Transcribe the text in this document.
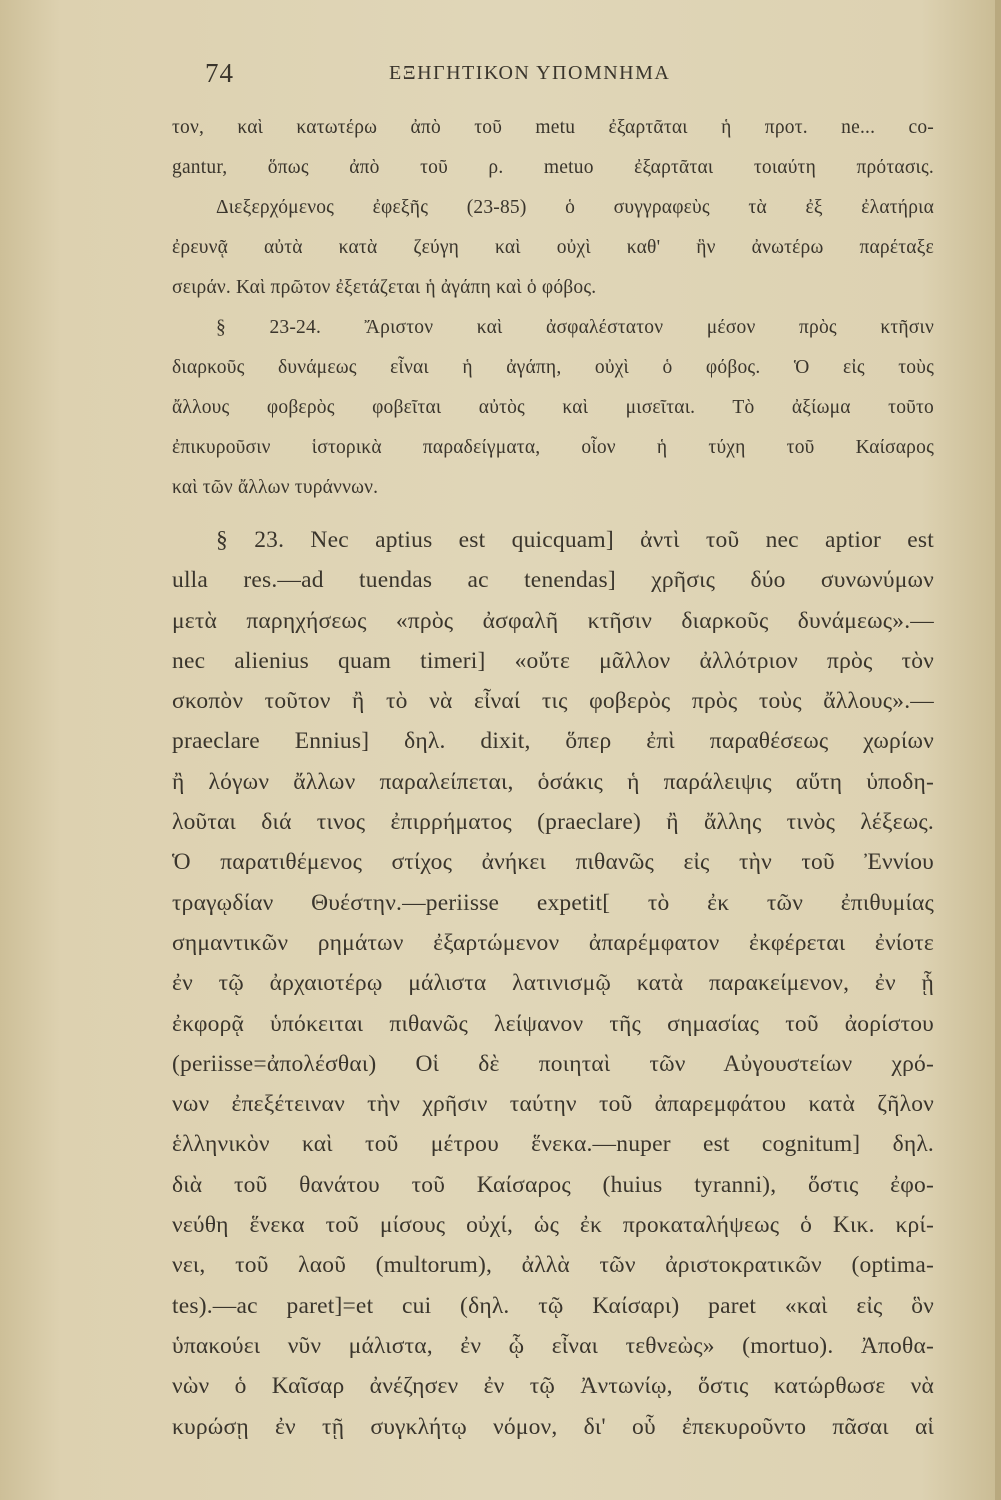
74	ΕΞΗΓΗΤΙΚΟΝ ΥΠΟΜΝΗΜΑ
τον, καὶ κατωτέρω ἀπὸ τοῦ metu ἐξαρτᾶται ἡ προτ. ne... co-
gantur, ὅπως ἀπὸ τοῦ ρ. metuo ἐξαρτᾶται τοιαύτη πρότασις.
Διεξερχόμενος ἐφεξῆς (23-85) ὁ συγγραφεὺς τὰ ἐξ ἐλατήρια
ἐρευνᾷ αὐτὰ κατὰ ζεύγη καὶ οὐχὶ καθ' ἣν ἀνωτέρω παρέταξε
σειράν. Καὶ πρῶτον ἐξετάζεται ἡ ἀγάπη καὶ ὁ φόβος.
§ 23-24. Ἄριστον καὶ ἀσφαλέστατον μέσον πρὸς κτῆσιν
διαρκοῦς δυνάμεως εἶναι ἡ ἀγάπη, οὐχὶ ὁ φόβος. Ὁ εἰς τοὺς
ἄλλους φοβερὸς φοβεῖται αὐτὸς καὶ μισεῖται. Τὸ ἀξίωμα τοῦτο
ἐπικυροῦσιν ἱστορικὰ παραδείγματα, οἷον ἡ τύχη τοῦ Καίσαρος
καὶ τῶν ἄλλων τυράννων.
§ 23. Nec aptius est quicquam] ἀντὶ τοῦ nec aptior est
ulla res.—ad tuendas ac tenendas] χρῆσις δύο συνωνύμων
μετὰ παρηχήσεως «πρὸς ἀσφαλῆ κτῆσιν διαρκοῦς δυνάμεως».—
nec alienius quam timeri] «οὔτε μᾶλλον ἀλλότριον πρὸς τὸν
σκοπὸν τοῦτον ἢ τὸ νὰ εἶναί τις φοβερὸς πρὸς τοὺς ἄλλους».—
praeclare Ennius] δηλ. dixit, ὅπερ ἐπὶ παραθέσεως χωρίων
ἢ λόγων ἄλλων παραλείπεται, ὁσάκις ἡ παράλειψις αὕτη ὑποδη-
λοῦται διά τινος ἐπιρρήματος (praeclare) ἢ ἄλλης τινὸς λέξεως.
Ὁ παρατιθέμενος στίχος ἀνήκει πιθανῶς εἰς τὴν τοῦ Ἐννίου
τραγῳδίαν Θυέστην.—periisse expetit[ τὸ ἐκ τῶν ἐπιθυμίας
σημαντικῶν ρημάτων ἐξαρτώμενον ἀπαρέμφατον ἐκφέρεται ἐνίοτε
ἐν τῷ ἀρχαιοτέρῳ μάλιστα λατινισμῷ κατὰ παρακείμενον, ἐν ᾗ
ἐκφορᾷ ὑπόκειται πιθανῶς λείψανον τῆς σημασίας τοῦ ἀορίστου
(periisse=ἀπολέσθαι) Οἱ δὲ ποιηταὶ τῶν Αὐγουστείων χρό-
νων ἐπεξέτειναν τὴν χρῆσιν ταύτην τοῦ ἀπαρεμφάτου κατὰ ζῆλον
ἑλληνικὸν καὶ τοῦ μέτρου ἕνεκα.—nuper est cognitum] δηλ.
διὰ τοῦ θανάτου τοῦ Καίσαρος (huius tyranni), ὅστις ἐφο-
νεύθη ἕνεκα τοῦ μίσους οὐχί, ὡς ἐκ προκαταλήψεως ὁ Κικ. κρί-
νει, τοῦ λαοῦ (multorum), ἀλλὰ τῶν ἀριστοκρατικῶν (optima-
tes).—ac paret]=et cui (δηλ. τῷ Καίσαρι) paret «καὶ εἰς ὃν
ὑπακούει νῦν μάλιστα, ἐν ᾧ εἶναι τεθνεὼς» (mortuo). Ἀποθα-
νὼν ὁ Καῖσαρ ἀνέζησεν ἐν τῷ Ἀντωνίῳ, ὅστις κατώρθωσε νὰ
κυρώσῃ ἐν τῇ συγκλήτῳ νόμον, δι' οὗ ἐπεκυροῦντο πᾶσαι αἱ
